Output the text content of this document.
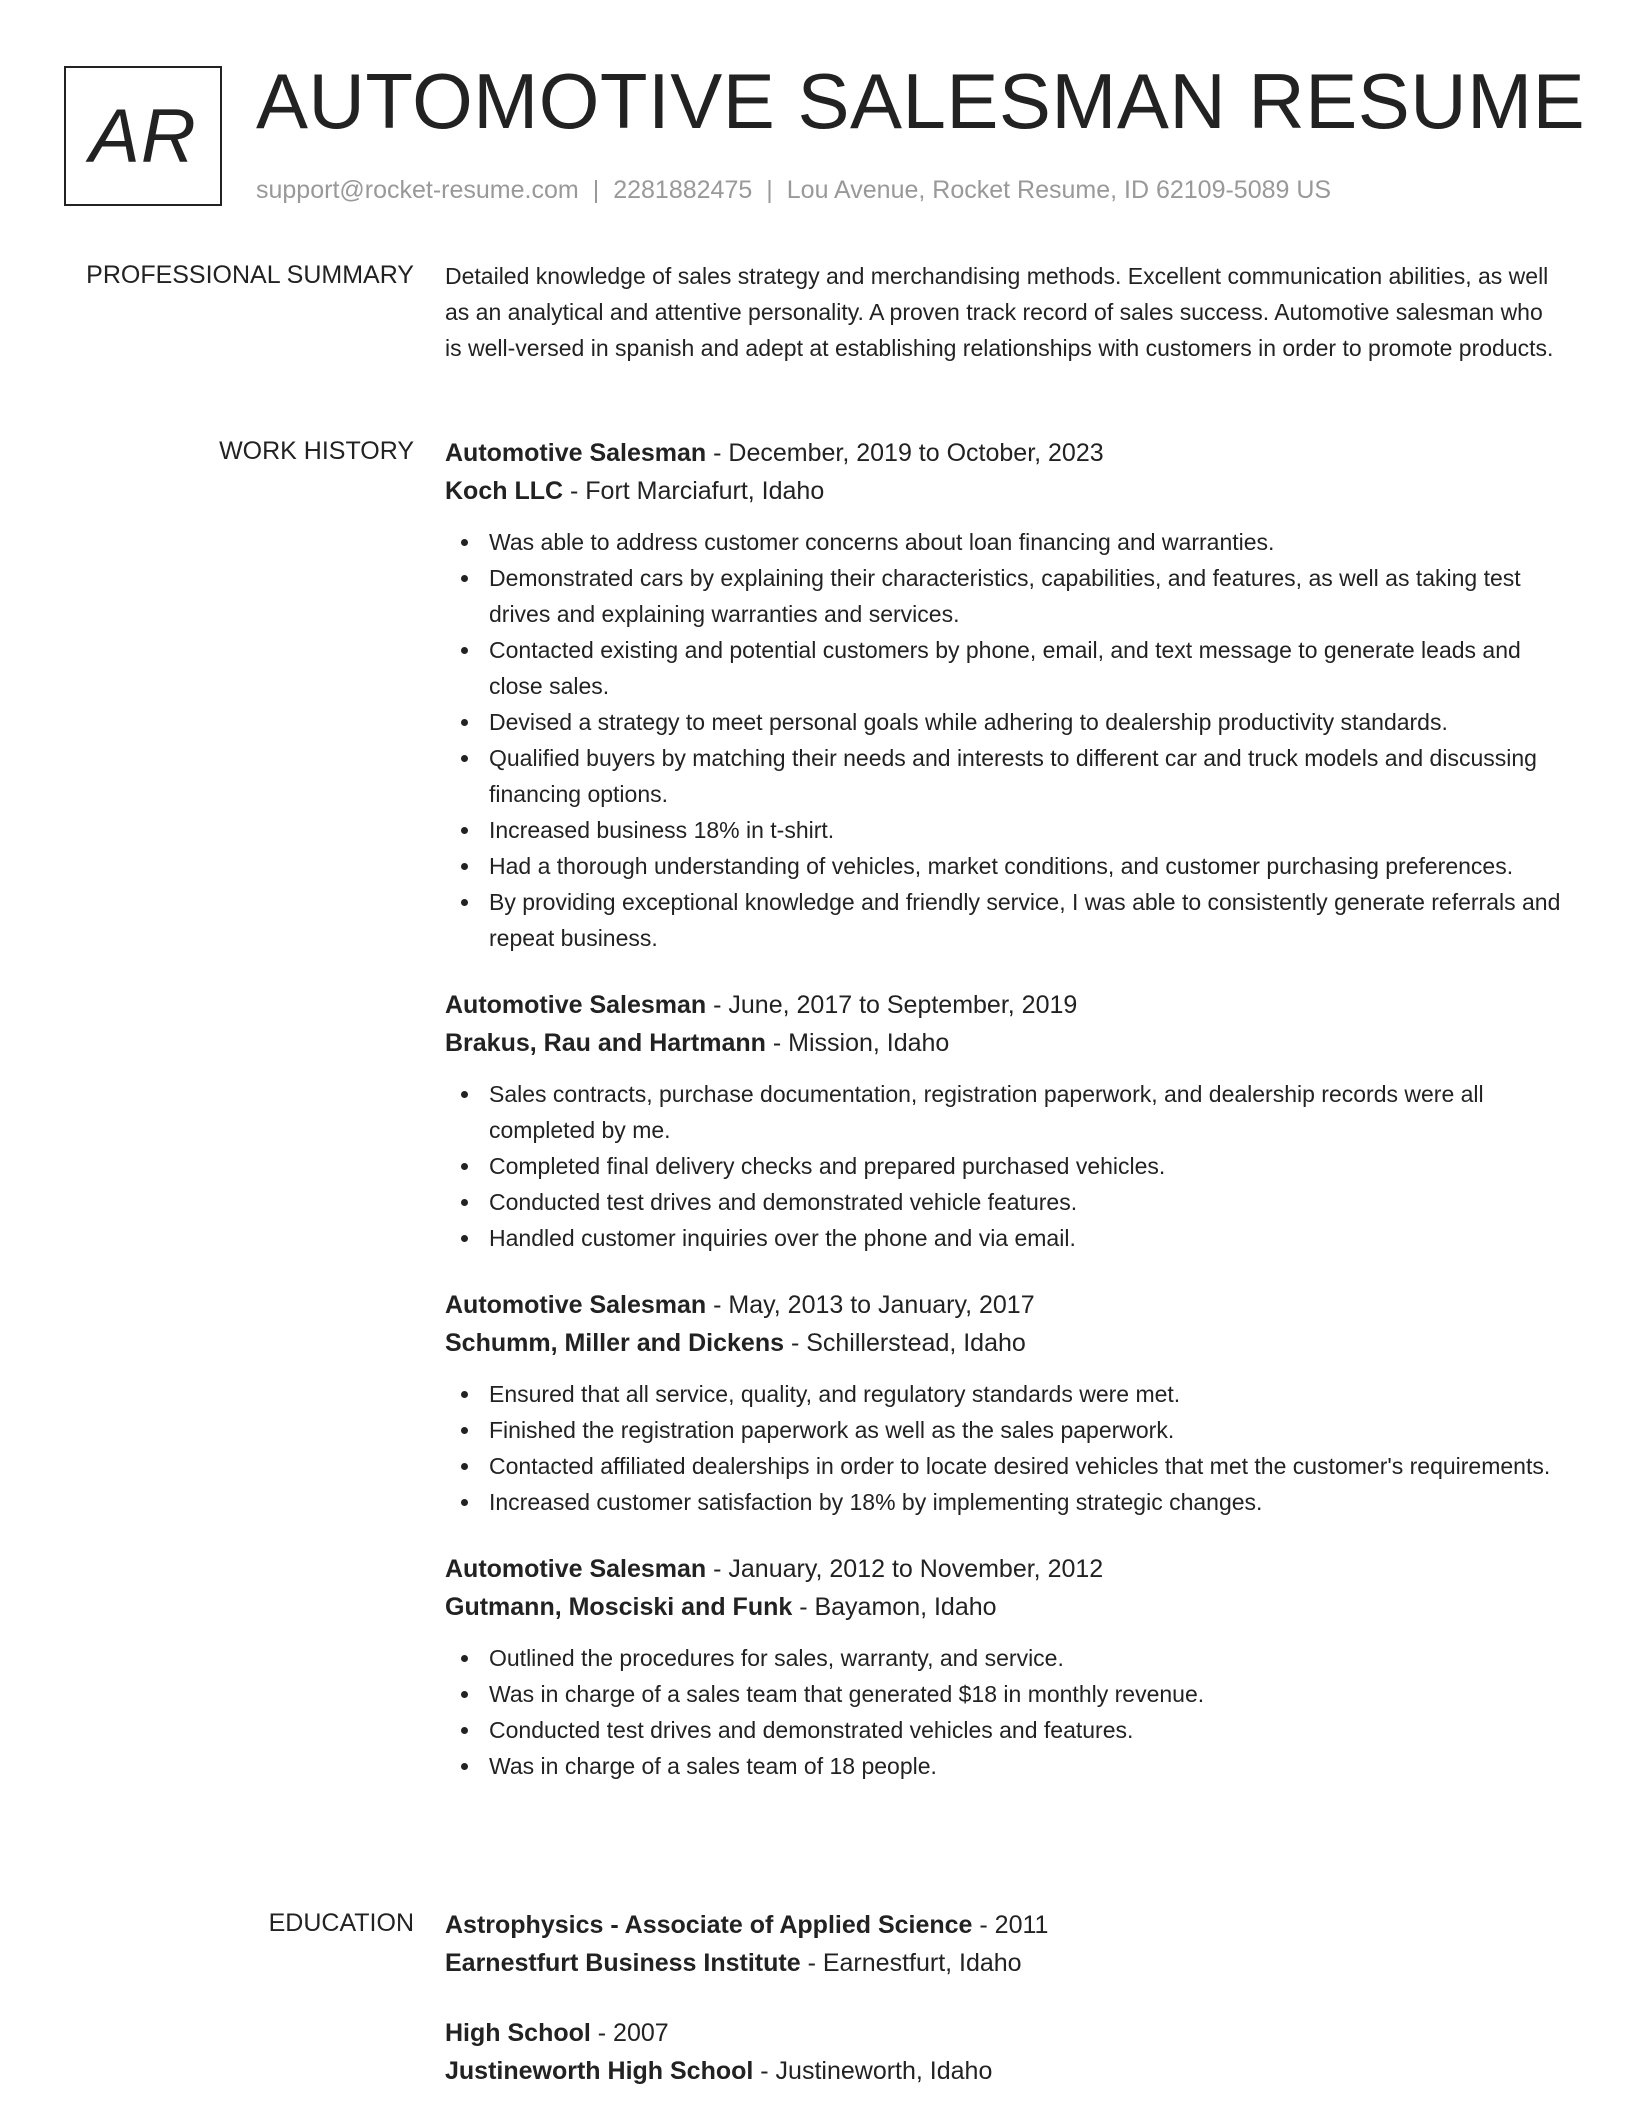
AR AUTOMOTIVE SALESMAN RESUME
support@rocket-resume.com | 2281882475 | Lou Avenue, Rocket Resume, ID 62109-5089 US
PROFESSIONAL SUMMARY Detailed knowledge of sales strategy and merchandising methods. Excellent communication abilities, as well as an analytical and attentive personality. A proven track record of sales success. Automotive salesman who is well-versed in spanish and adept at establishing relationships with customers in order to promote products.

WORK HISTORY Automotive Salesman - December, 2019 to October, 2023
Koch LLC - Fort Marciafurt, Idaho
Was able to address customer concerns about loan financing and warranties.
Demonstrated cars by explaining their characteristics, capabilities, and features, as well as taking test drives and explaining warranties and services.
Contacted existing and potential customers by phone, email, and text message to generate leads and close sales.
Devised a strategy to meet personal goals while adhering to dealership productivity standards.
Qualified buyers by matching their needs and interests to different car and truck models and discussing financing options.
Increased business 18% in t-shirt.
Had a thorough understanding of vehicles, market conditions, and customer purchasing preferences.
By providing exceptional knowledge and friendly service, I was able to consistently generate referrals and repeat business.
Automotive Salesman - June, 2017 to September, 2019
Brakus, Rau and Hartmann - Mission, Idaho
Sales contracts, purchase documentation, registration paperwork, and dealership records were all completed by me.
Completed final delivery checks and prepared purchased vehicles.
Conducted test drives and demonstrated vehicle features.
Handled customer inquiries over the phone and via email.
Automotive Salesman - May, 2013 to January, 2017
Schumm, Miller and Dickens - Schillerstead, Idaho
Ensured that all service, quality, and regulatory standards were met.
Finished the registration paperwork as well as the sales paperwork.
Contacted affiliated dealerships in order to locate desired vehicles that met the customer's requirements.
Increased customer satisfaction by 18% by implementing strategic changes.
Automotive Salesman - January, 2012 to November, 2012
Gutmann, Mosciski and Funk - Bayamon, Idaho
Outlined the procedures for sales, warranty, and service.
Was in charge of a sales team that generated $18 in monthly revenue.
Conducted test drives and demonstrated vehicles and features.
Was in charge of a sales team of 18 people.
EDUCATION Astrophysics - Associate of Applied Science - 2011
Earnestfurt Business Institute - Earnestfurt, Idaho
High School - 2007
Justineworth High School - Justineworth, Idaho
